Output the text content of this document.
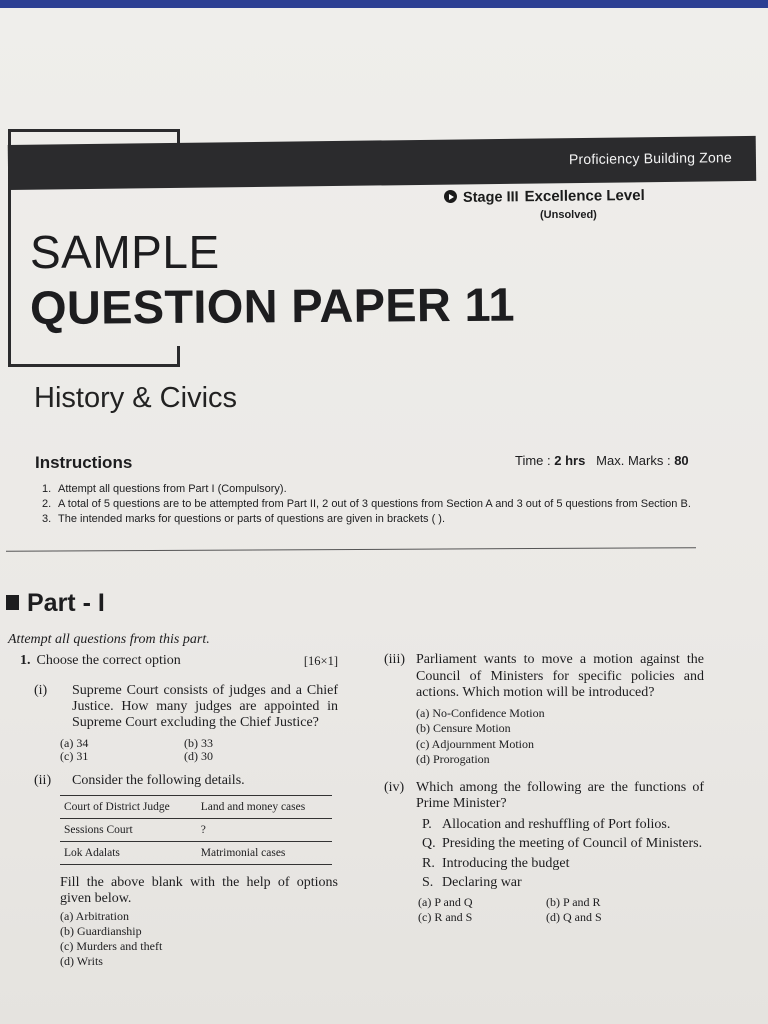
Proficiency Building Zone
Stage III Excellence Level
(Unsolved)
SAMPLE
QUESTION PAPER 11
History & Civics
Instructions	Time : 2 hrs Max. Marks : 80
1. Attempt all questions from Part I (Compulsory).
2. A total of 5 questions are to be attempted from Part II, 2 out of 3 questions from Section A and 3 out of 5 questions from Section B.
3. The intended marks for questions or parts of questions are given in brackets ( ).
Part - I
Attempt all questions from this part.
1. Choose the correct option	[16×1]
(i)	Supreme Court consists of judges and a Chief Justice. How many judges are appointed in Supreme Court excluding the Chief Justice?
(a) 34	(b) 33
(c) 31	(d) 30
(ii)	Consider the following details.
Court of District Judge	Land and money cases
Sessions Court	?
Lok Adalats	Matrimonial cases
Fill the above blank with the help of options given below.
(a) Arbitration
(b) Guardianship
(c) Murders and theft
(d) Writs
(iii) Parliament wants to move a motion against the Council of Ministers for specific policies and actions. Which motion will be introduced?
(a) No-Confidence Motion
(b) Censure Motion
(c) Adjournment Motion
(d) Prorogation
(iv) Which among the following are the functions of Prime Minister?
P. Allocation and reshuffling of Port folios.
Q. Presiding the meeting of Council of Ministers.
R. Introducing the budget
S. Declaring war
(a) P and Q	(b) P and R
(c) R and S	(d) Q and S
